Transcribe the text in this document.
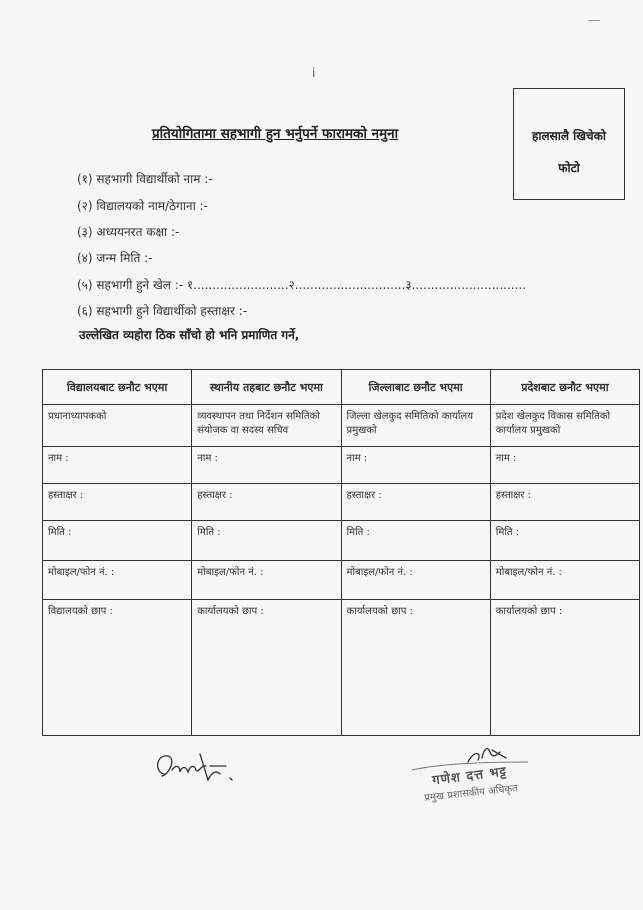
ⅰ
हालसालै खिचेको
फोटो
प्रतियोगितामा सहभागी हुन भर्नुपर्ने फारामको नमुना
(१) सहभागी विद्यार्थीको नाम :-
(२) विद्यालयको नाम/ठेगाना :-
(३) अध्ययनरत कक्षा :-
(४) जन्म मिति :-
(५) सहभागी हुने खेल :- १.........................२.............................३..............................
(६) सहभागी हुने विद्यार्थीको हस्ताक्षर :-
उल्लेखित व्यहोरा ठिक साँचो हो भनि प्रमाणित गर्ने,
विद्यालयबाट छनौट भएमा	स्थानीय तहबाट छनौट भएमा	जिल्लाबाट छनौट भएमा	प्रदेशबाट छनौट भएमा
प्रधानाध्यापकको	व्यवस्थापन तथा निर्देशन समितिको संयोजक वा सदस्य सचिव	जिल्ला खेलकुद समितिको कार्यालय प्रमुखको	प्रदेश खेलकुद विकास समितिको कार्यालय प्रमुखको
नाम :	नाम :	नाम :	नाम :
हस्ताक्षर :	हस्ताक्षर :	हस्ताक्षर :	हस्ताक्षर :
मिति :	मिति :	मिति :	मिति :
मोबाइल/फोन नं. :	मोबाइल/फोन नं. :	मोबाइल/फोन नं. :	मोबाइल/फोन नं. :
विद्यालयको छाप :	कार्यालयको छाप :	कार्यालयको छाप :	कार्यालयको छाप :
गणेश दत्त भट्ट
प्रमुख प्रशासकीय अधिकृत
